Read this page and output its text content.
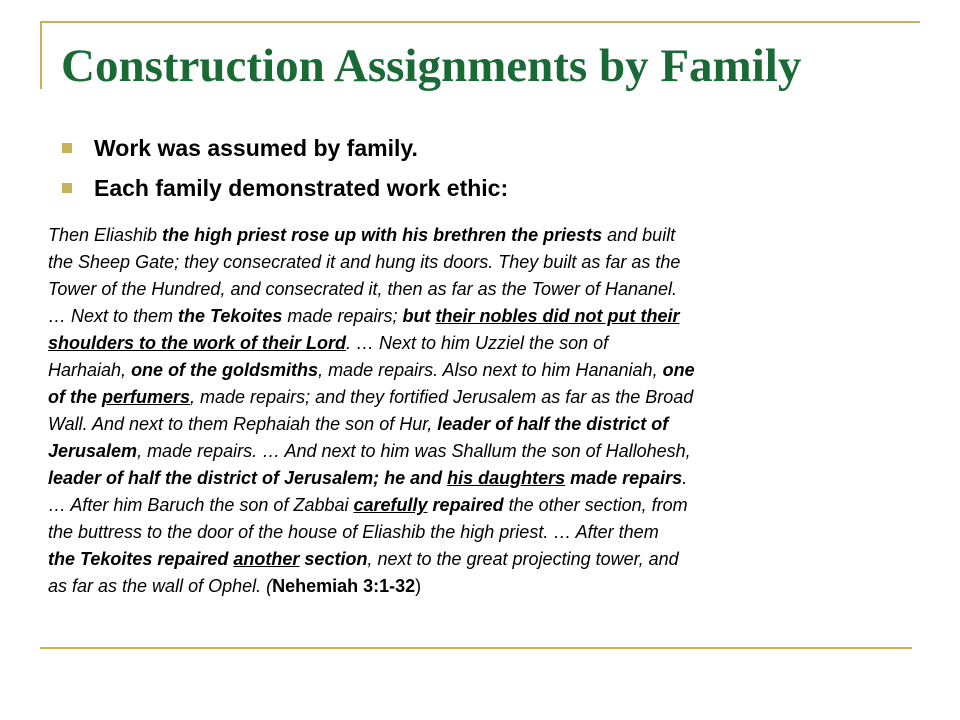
Construction Assignments by Family
Work was assumed by family.
Each family demonstrated work ethic:
Then Eliashib the high priest rose up with his brethren the priests and built
the Sheep Gate; they consecrated it and hung its doors. They built as far as the
Tower of the Hundred, and consecrated it, then as far as the Tower of Hananel.
… Next to them the Tekoites made repairs; but their nobles did not put their
shoulders to the work of their Lord. … Next to him Uzziel the son of
Harhaiah, one of the goldsmiths, made repairs. Also next to him Hananiah, one
of the perfumers, made repairs; and they fortified Jerusalem as far as the Broad
Wall. And next to them Rephaiah the son of Hur, leader of half the district of
Jerusalem, made repairs. … And next to him was Shallum the son of Hallohesh,
leader of half the district of Jerusalem; he and his daughters made repairs.
… After him Baruch the son of Zabbai carefully repaired the other section, from
the buttress to the door of the house of Eliashib the high priest. … After them
the Tekoites repaired another section, next to the great projecting tower, and
as far as the wall of Ophel. (Nehemiah 3:1-32)
